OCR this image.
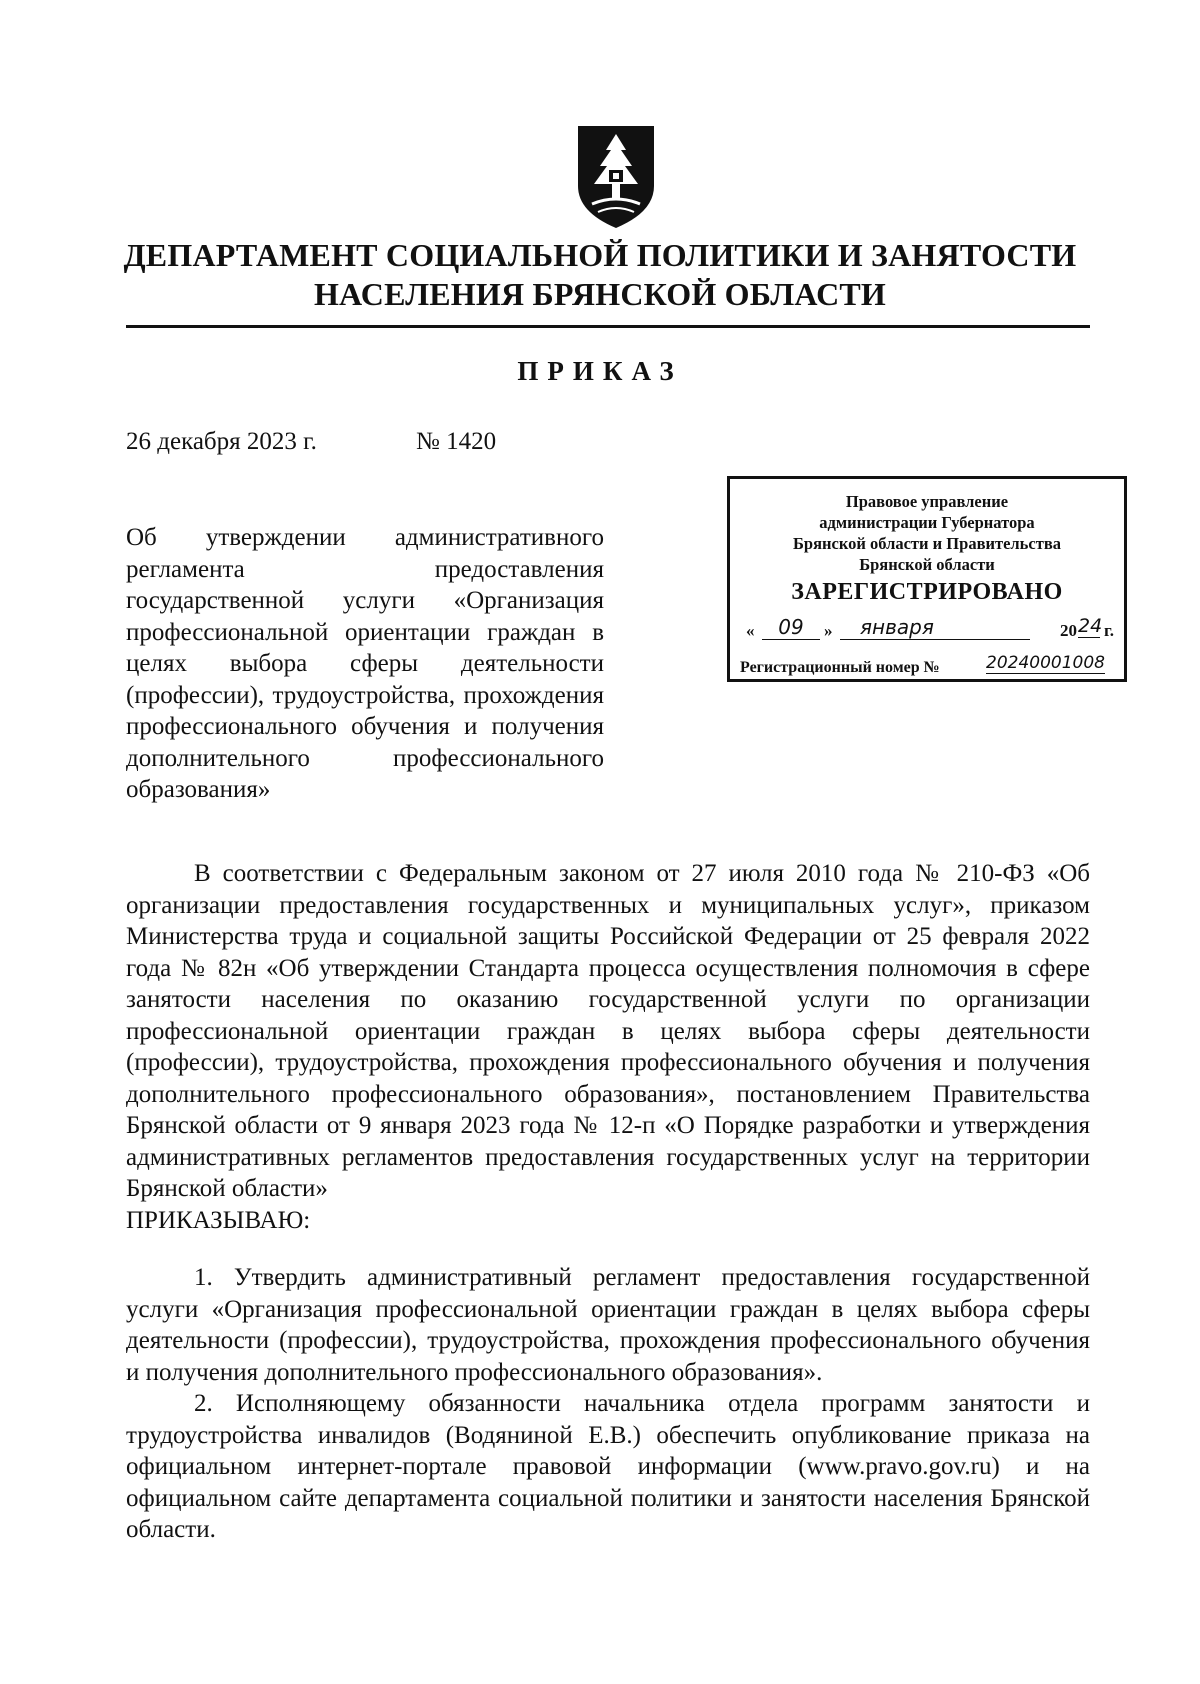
ДЕПАРТАМЕНТ СОЦИАЛЬНОЙ ПОЛИТИКИ И ЗАНЯТОСТИ
НАСЕЛЕНИЯ БРЯНСКОЙ ОБЛАСТИ
ПРИКАЗ
26 декабря 2023 г.	№ 1420
Об утверждении административного регламента предоставления государственной услуги «Организация профессиональной ориентации граждан в целях выбора сферы деятельности (профессии), трудоустройства, прохождения профессионального обучения и получения дополнительного профессионального образования»
Правовое управление
администрации Губернатора
Брянской области и Правительства
Брянской области
ЗАРЕГИСТРИРОВАНО
«	09	»	января	20 24 г.
Регистрационный номер №	20240001008

В соответствии с Федеральным законом от 27 июля 2010 года № 210-ФЗ «Об организации предоставления государственных и муниципальных услуг», приказом Министерства труда и социальной защиты Российской Федерации от 25 февраля 2022 года № 82н «Об утверждении Стандарта процесса осуществления полномочия в сфере занятости населения по оказанию государственной услуги по организации профессиональной ориентации граждан в целях выбора сферы деятельности (профессии), трудоустройства, прохождения профессионального обучения и получения дополнительного профессионального образования», постановлением Правительства Брянской области от 9 января 2023 года № 12-п «О Порядке разработки и утверждения административных регламентов предоставления государственных услуг на территории Брянской области»

ПРИКАЗЫВАЮ:

1. Утвердить административный регламент предоставления государственной услуги «Организация профессиональной ориентации граждан в целях выбора сферы деятельности (профессии), трудоустройства, прохождения профессионального обучения и получения дополнительного профессионального образования».

2. Исполняющему обязанности начальника отдела программ занятости и трудоустройства инвалидов (Водяниной Е.В.) обеспечить опубликование приказа на официальном интернет-портале правовой информации (www.pravo.gov.ru) и на официальном сайте департамента социальной политики и занятости населения Брянской области.
